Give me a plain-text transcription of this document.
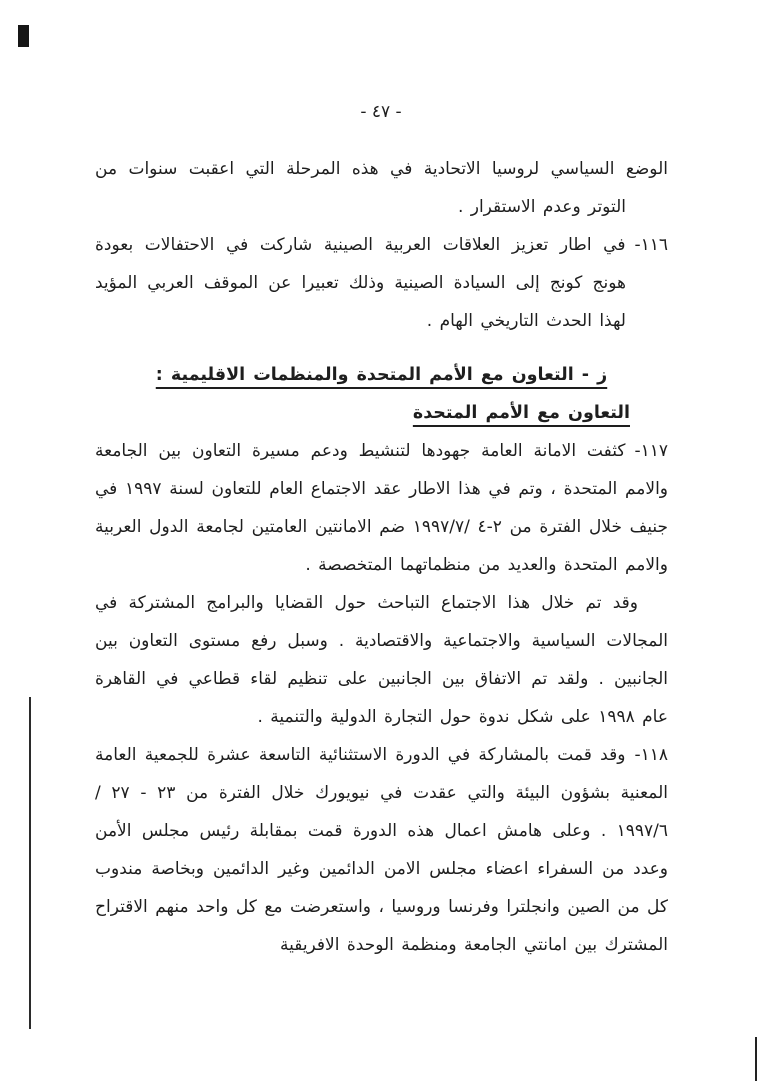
- ٤٧ -

الوضع السياسي لروسيا الاتحادية في هذه المرحلة التي اعقبت سنوات من التوتر وعدم الاستقرار .

١١٦-في اطار تعزيز العلاقات العربية الصينية شاركت في الاحتفالات بعودة هونج كونج إلى السيادة الصينية وذلك تعبيرا عن الموقف العربي المؤيد لهذا الحدث التاريخي الهام .

ز - التعاون مع الأمم المتحدة والمنظمات الاقليمية :
التعاون مع الأمم المتحدة

١١٧-كثفت الامانة العامة جهودها لتنشيط ودعم مسيرة التعاون بين الجامعة والامم المتحدة ، وتم في هذا الاطار عقد الاجتماع العام للتعاون لسنة ١٩٩٧ في جنيف خلال الفترة من ٢-٤ /١٩٩٧/٧ ضم الامانتين العامتين لجامعة الدول العربية والامم المتحدة والعديد من منظماتهما المتخصصة .

وقد تم خلال هذا الاجتماع التباحث حول القضايا والبرامج المشتركة في المجالات السياسية والاجتماعية والاقتصادية . وسبل رفع مستوى التعاون بين الجانبين . ولقد تم الاتفاق بين الجانبين على تنظيم لقاء قطاعي في القاهرة عام ١٩٩٨ على شكل ندوة حول التجارة الدولية والتنمية .

١١٨-وقد قمت بالمشاركة في الدورة الاستثنائية التاسعة عشرة للجمعية العامة المعنية بشؤون البيئة والتي عقدت في نيويورك خلال الفترة من ٢٣ - ٢٧ / ١٩٩٧/٦ . وعلى هامش اعمال هذه الدورة قمت بمقابلة رئيس مجلس الأمن وعدد من السفراء اعضاء مجلس الامن الدائمين وغير الدائمين وبخاصة مندوب كل من الصين وانجلترا وفرنسا وروسيا ، واستعرضت مع كل واحد منهم الاقتراح المشترك بين امانتي الجامعة ومنظمة الوحدة الافريقية
